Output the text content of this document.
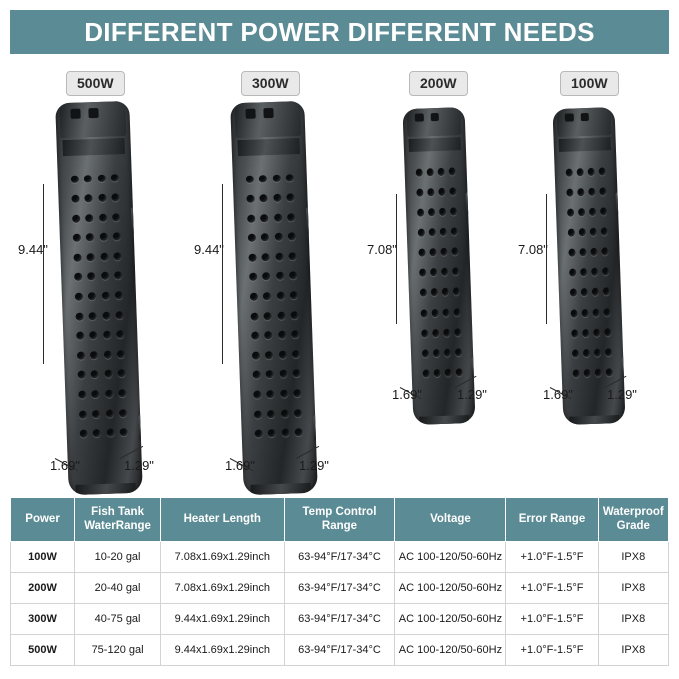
DIFFERENT POWER DIFFERENT NEEDS
500W
9.44"
1.69"	1.29"
300W
9.44"
1.69"	1.29"
200W
7.08"
1.69"	1.29"
100W
7.08"
1.69"	1.29"
Power	Fish Tank WaterRange	Heater Length	Temp Control Range	Voltage	Error Range	Waterproof Grade
100W	10-20 gal	7.08x1.69x1.29inch	63-94°F/17-34°C	AC 100-120/50-60Hz	+1.0°F-1.5°F	IPX8
200W	20-40 gal	7.08x1.69x1.29inch	63-94°F/17-34°C	AC 100-120/50-60Hz	+1.0°F-1.5°F	IPX8
300W	40-75 gal	9.44x1.69x1.29inch	63-94°F/17-34°C	AC 100-120/50-60Hz	+1.0°F-1.5°F	IPX8
500W	75-120 gal	9.44x1.69x1.29inch	63-94°F/17-34°C	AC 100-120/50-60Hz	+1.0°F-1.5°F	IPX8
